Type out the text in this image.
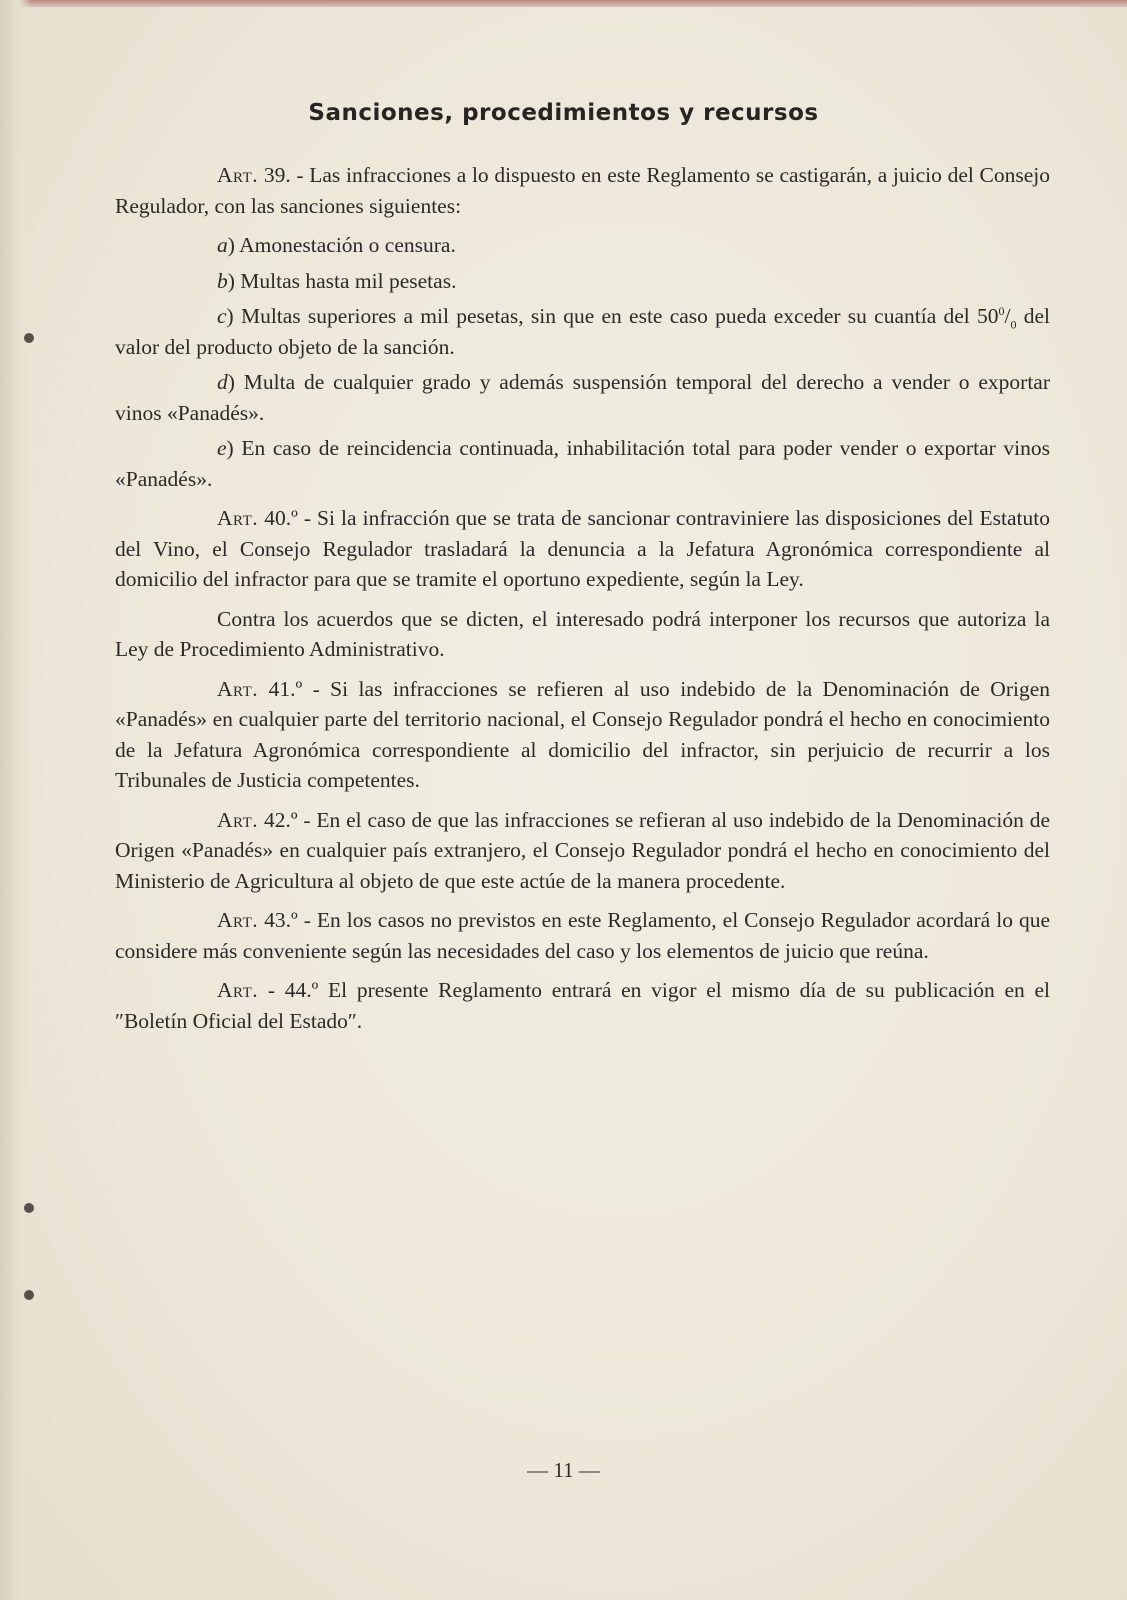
Sanciones, procedimientos y recursos

Art. 39. - Las infracciones a lo dispuesto en este Reglamento se castigarán, a juicio del Consejo Regulador, con las sanciones siguientes:

a) Amonestación o censura.

b) Multas hasta mil pesetas.

c) Multas superiores a mil pesetas, sin que en este caso pueda exceder su cuantía del $50^0/_0$ del valor del producto objeto de la sanción.

d) Multa de cualquier grado y además suspensión temporal del derecho a vender o exportar vinos «Panadés».

e) En caso de reincidencia continuada, inhabilitación total para poder vender o exportar vinos «Panadés».

Art. 40.º - Si la infracción que se trata de sancionar contraviniere las disposiciones del Estatuto del Vino, el Consejo Regulador trasladará la denuncia a la Jefatura Agronómica correspondiente al domicilio del infractor para que se tramite el oportuno expediente, según la Ley.

Contra los acuerdos que se dicten, el interesado podrá interponer los recursos que autoriza la Ley de Procedimiento Administrativo.

Art. 41.º - Si las infracciones se refieren al uso indebido de la Denominación de Origen «Panadés» en cualquier parte del territorio nacional, el Consejo Regulador pondrá el hecho en conocimiento de la Jefatura Agronómica correspondiente al domicilio del infractor, sin perjuicio de recurrir a los Tribunales de Justicia competentes.

Art. 42.º - En el caso de que las infracciones se refieran al uso indebido de la Denominación de Origen «Panadés» en cualquier país extranjero, el Consejo Regulador pondrá el hecho en conocimiento del Ministerio de Agricultura al objeto de que este actúe de la manera procedente.

Art. 43.º - En los casos no previstos en este Reglamento, el Consejo Regulador acordará lo que considere más conveniente según las necesidades del caso y los elementos de juicio que reúna.

Art. - 44.º El presente Reglamento entrará en vigor el mismo día de su publicación en el ″Boletín Oficial del Estado″.

— 11 —
